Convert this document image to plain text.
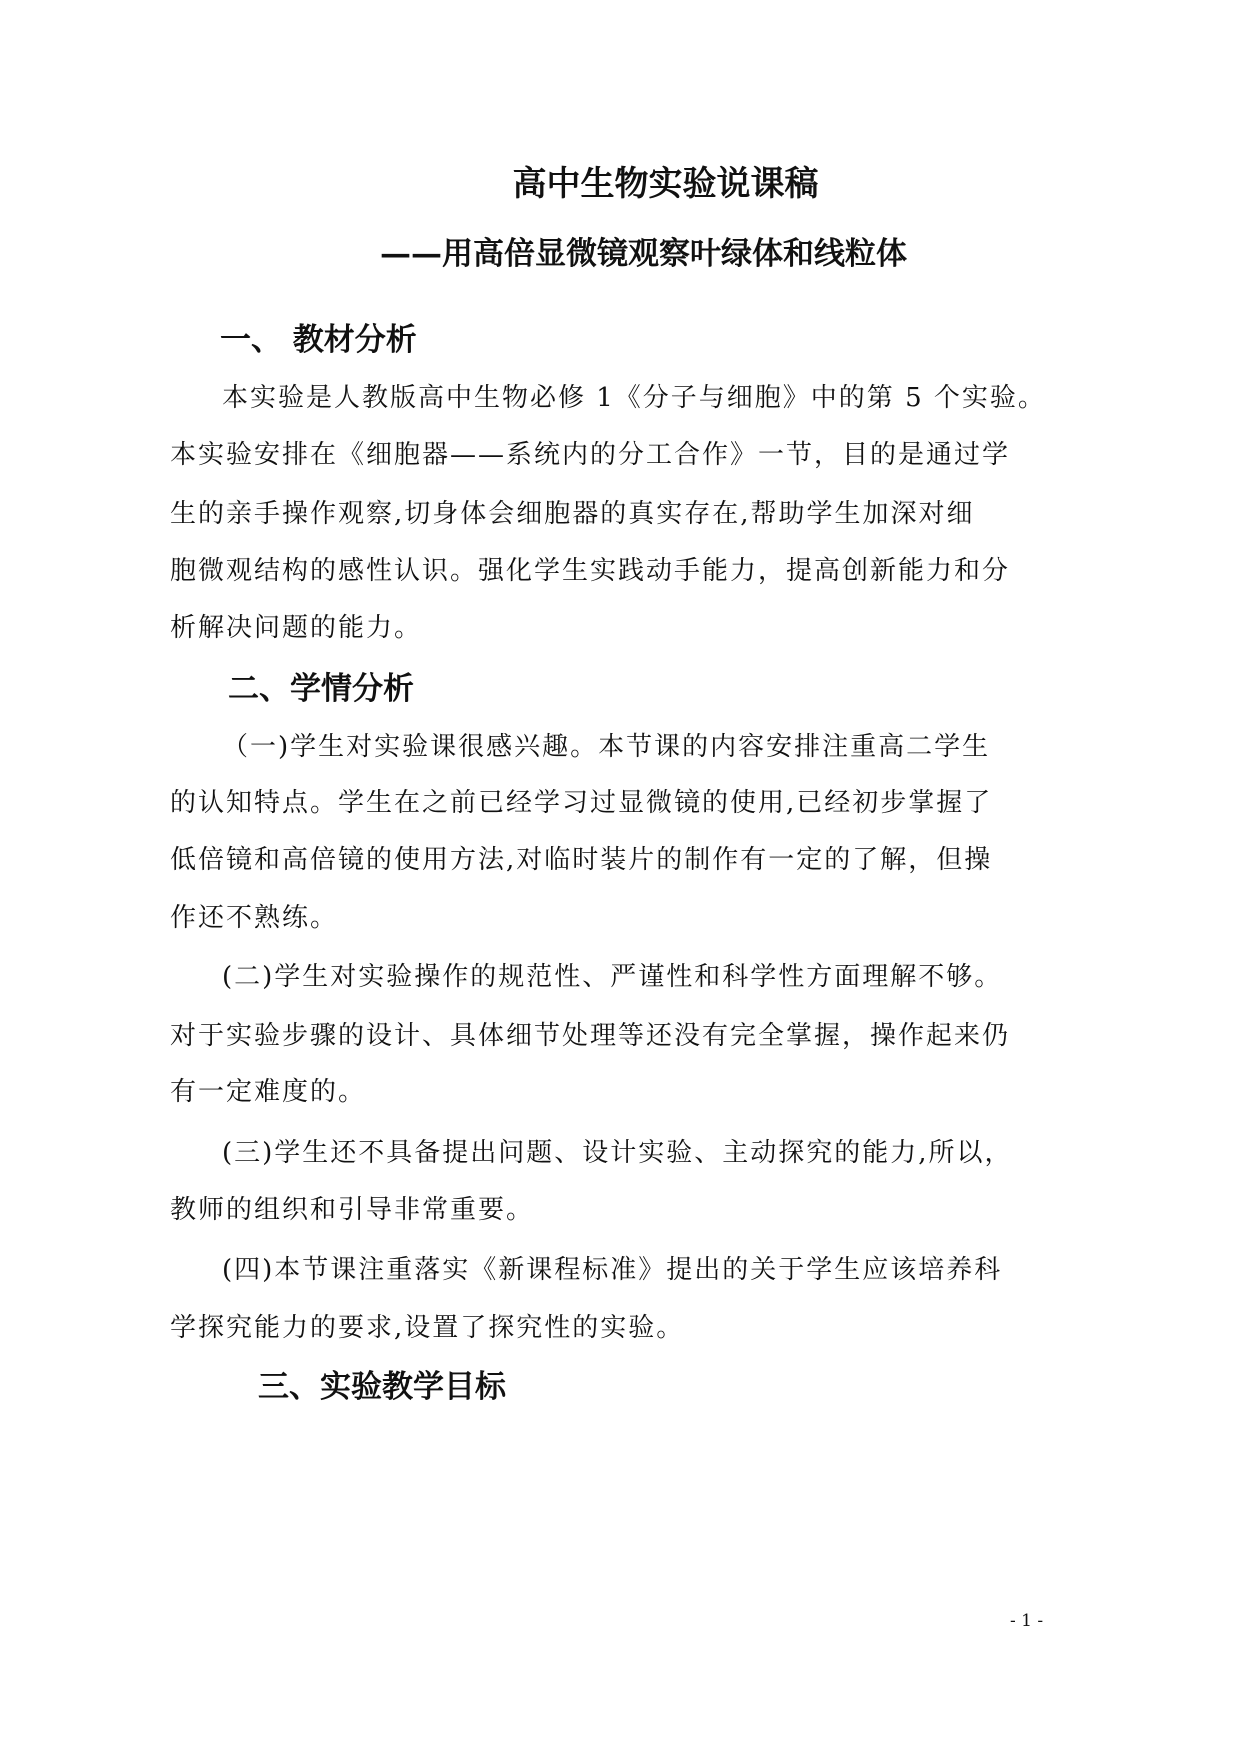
高中生物实验说课稿
——用高倍显微镜观察叶绿体和线粒体
一、 教材分析
本实验是人教版高中生物必修 1《分子与细胞》中的第 5 个实验。
本实验安排在《细胞器——系统内的分工合作》一节，目的是通过学
生的亲手操作观察,切身体会细胞器的真实存在,帮助学生加深对细
胞微观结构的感性认识。强化学生实践动手能力，提高创新能力和分
析解决问题的能力。
二、学情分析
（一)学生对实验课很感兴趣。本节课的内容安排注重高二学生
的认知特点。学生在之前已经学习过显微镜的使用,已经初步掌握了
低倍镜和高倍镜的使用方法,对临时装片的制作有一定的了解，但操
作还不熟练。
(二)学生对实验操作的规范性、严谨性和科学性方面理解不够。
对于实验步骤的设计、具体细节处理等还没有完全掌握，操作起来仍
有一定难度的。
(三)学生还不具备提出问题、设计实验、主动探究的能力,所以，
教师的组织和引导非常重要。
(四)本节课注重落实《新课程标准》提出的关于学生应该培养科
学探究能力的要求,设置了探究性的实验。
三、实验教学目标
- 1 -
